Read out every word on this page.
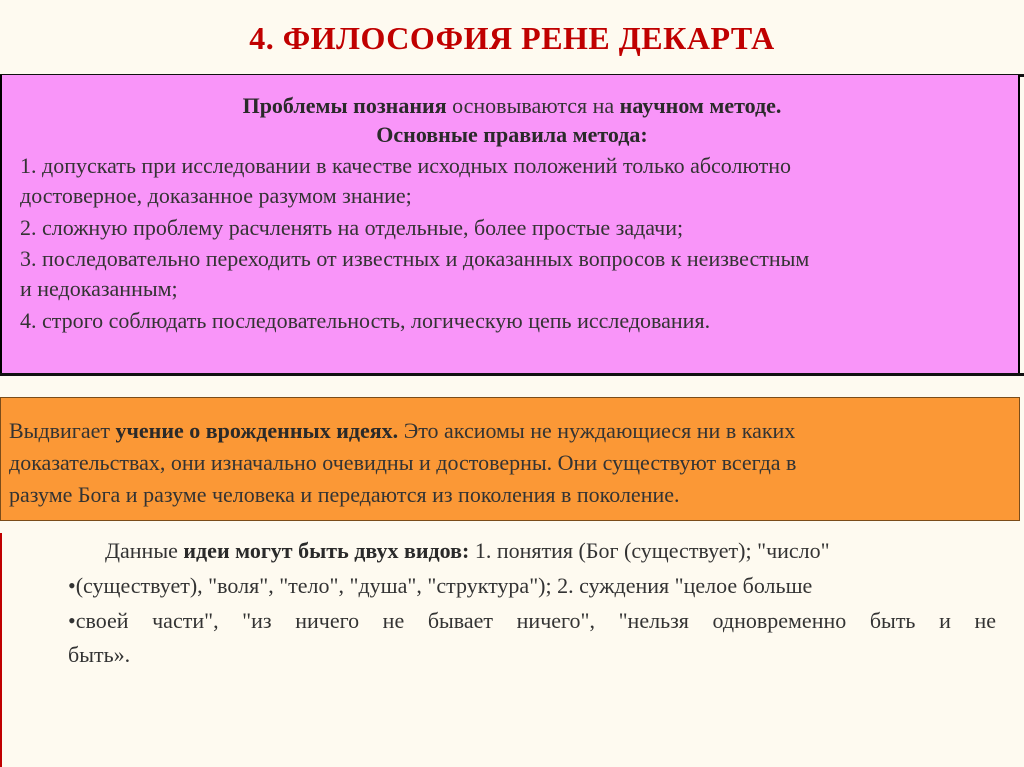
4. ФИЛОСОФИЯ РЕНЕ ДЕКАРТА
Проблемы познания основываются на научном методе.
Основные правила метода:
1. допускать при исследовании в качестве исходных положений только абсолютно
достоверное, доказанное разумом знание;
2. сложную проблему расчленять на отдельные, более простые задачи;
3. последовательно переходить от известных и доказанных вопросов к неизвестным
и недоказанным;
4. строго соблюдать последовательность, логическую цепь исследования.
Выдвигает учение о врожденных идеях. Это аксиомы не нуждающиеся ни в каких
доказательствах, они изначально очевидны и достоверны. Они существуют всегда в
разуме Бога и разуме человека и передаются из поколения в поколение.
Данные идеи могут быть двух видов: 1. понятия (Бог (существует); "число"
•(существует), "воля", "тело", "душа", "структура"); 2. суждения "целое больше
•своей части", "из ничего не бывает ничего", "нельзя одновременно быть и не
быть».
